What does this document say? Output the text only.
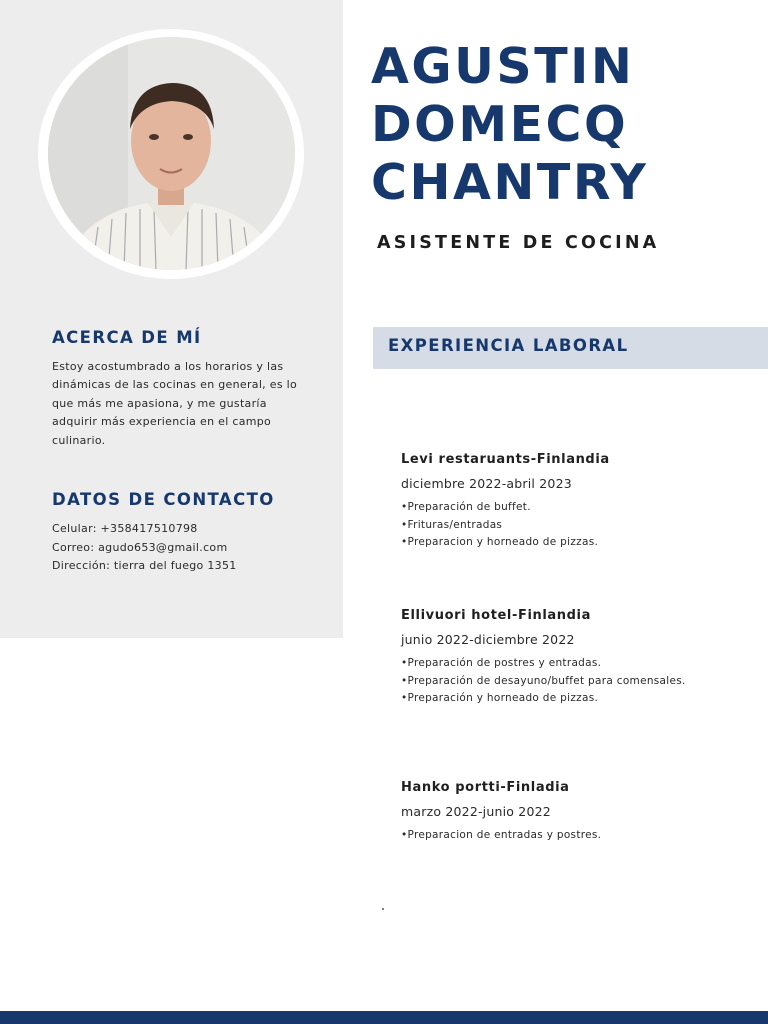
ACERCA DE MÍ
Estoy acostumbrado a los horarios y las
dinámicas de las cocinas en general, es lo
que más me apasiona, y me gustaría
adquirir más experiencia en el campo
culinario.
DATOS DE CONTACTO
Celular: +358417510798
Correo: agudo653@gmail.com
Dirección: tierra del fuego 1351
AGUSTIN
DOMECQ
CHANTRY
ASISTENTE DE COCINA
EXPERIENCIA LABORAL
Levi restaruants-Finlandia
diciembre 2022-abril 2023
• Preparación de buffet.
• Frituras/entradas
• Preparacion y horneado de pizzas.
Ellivuori hotel-Finlandia
junio 2022-diciembre 2022
• Preparación de postres y entradas.
• Preparación de desayuno/buffet para comensales.
• Preparación y horneado de pizzas.
Hanko portti-Finladia
marzo 2022-junio 2022
• Preparacion de entradas y postres.
